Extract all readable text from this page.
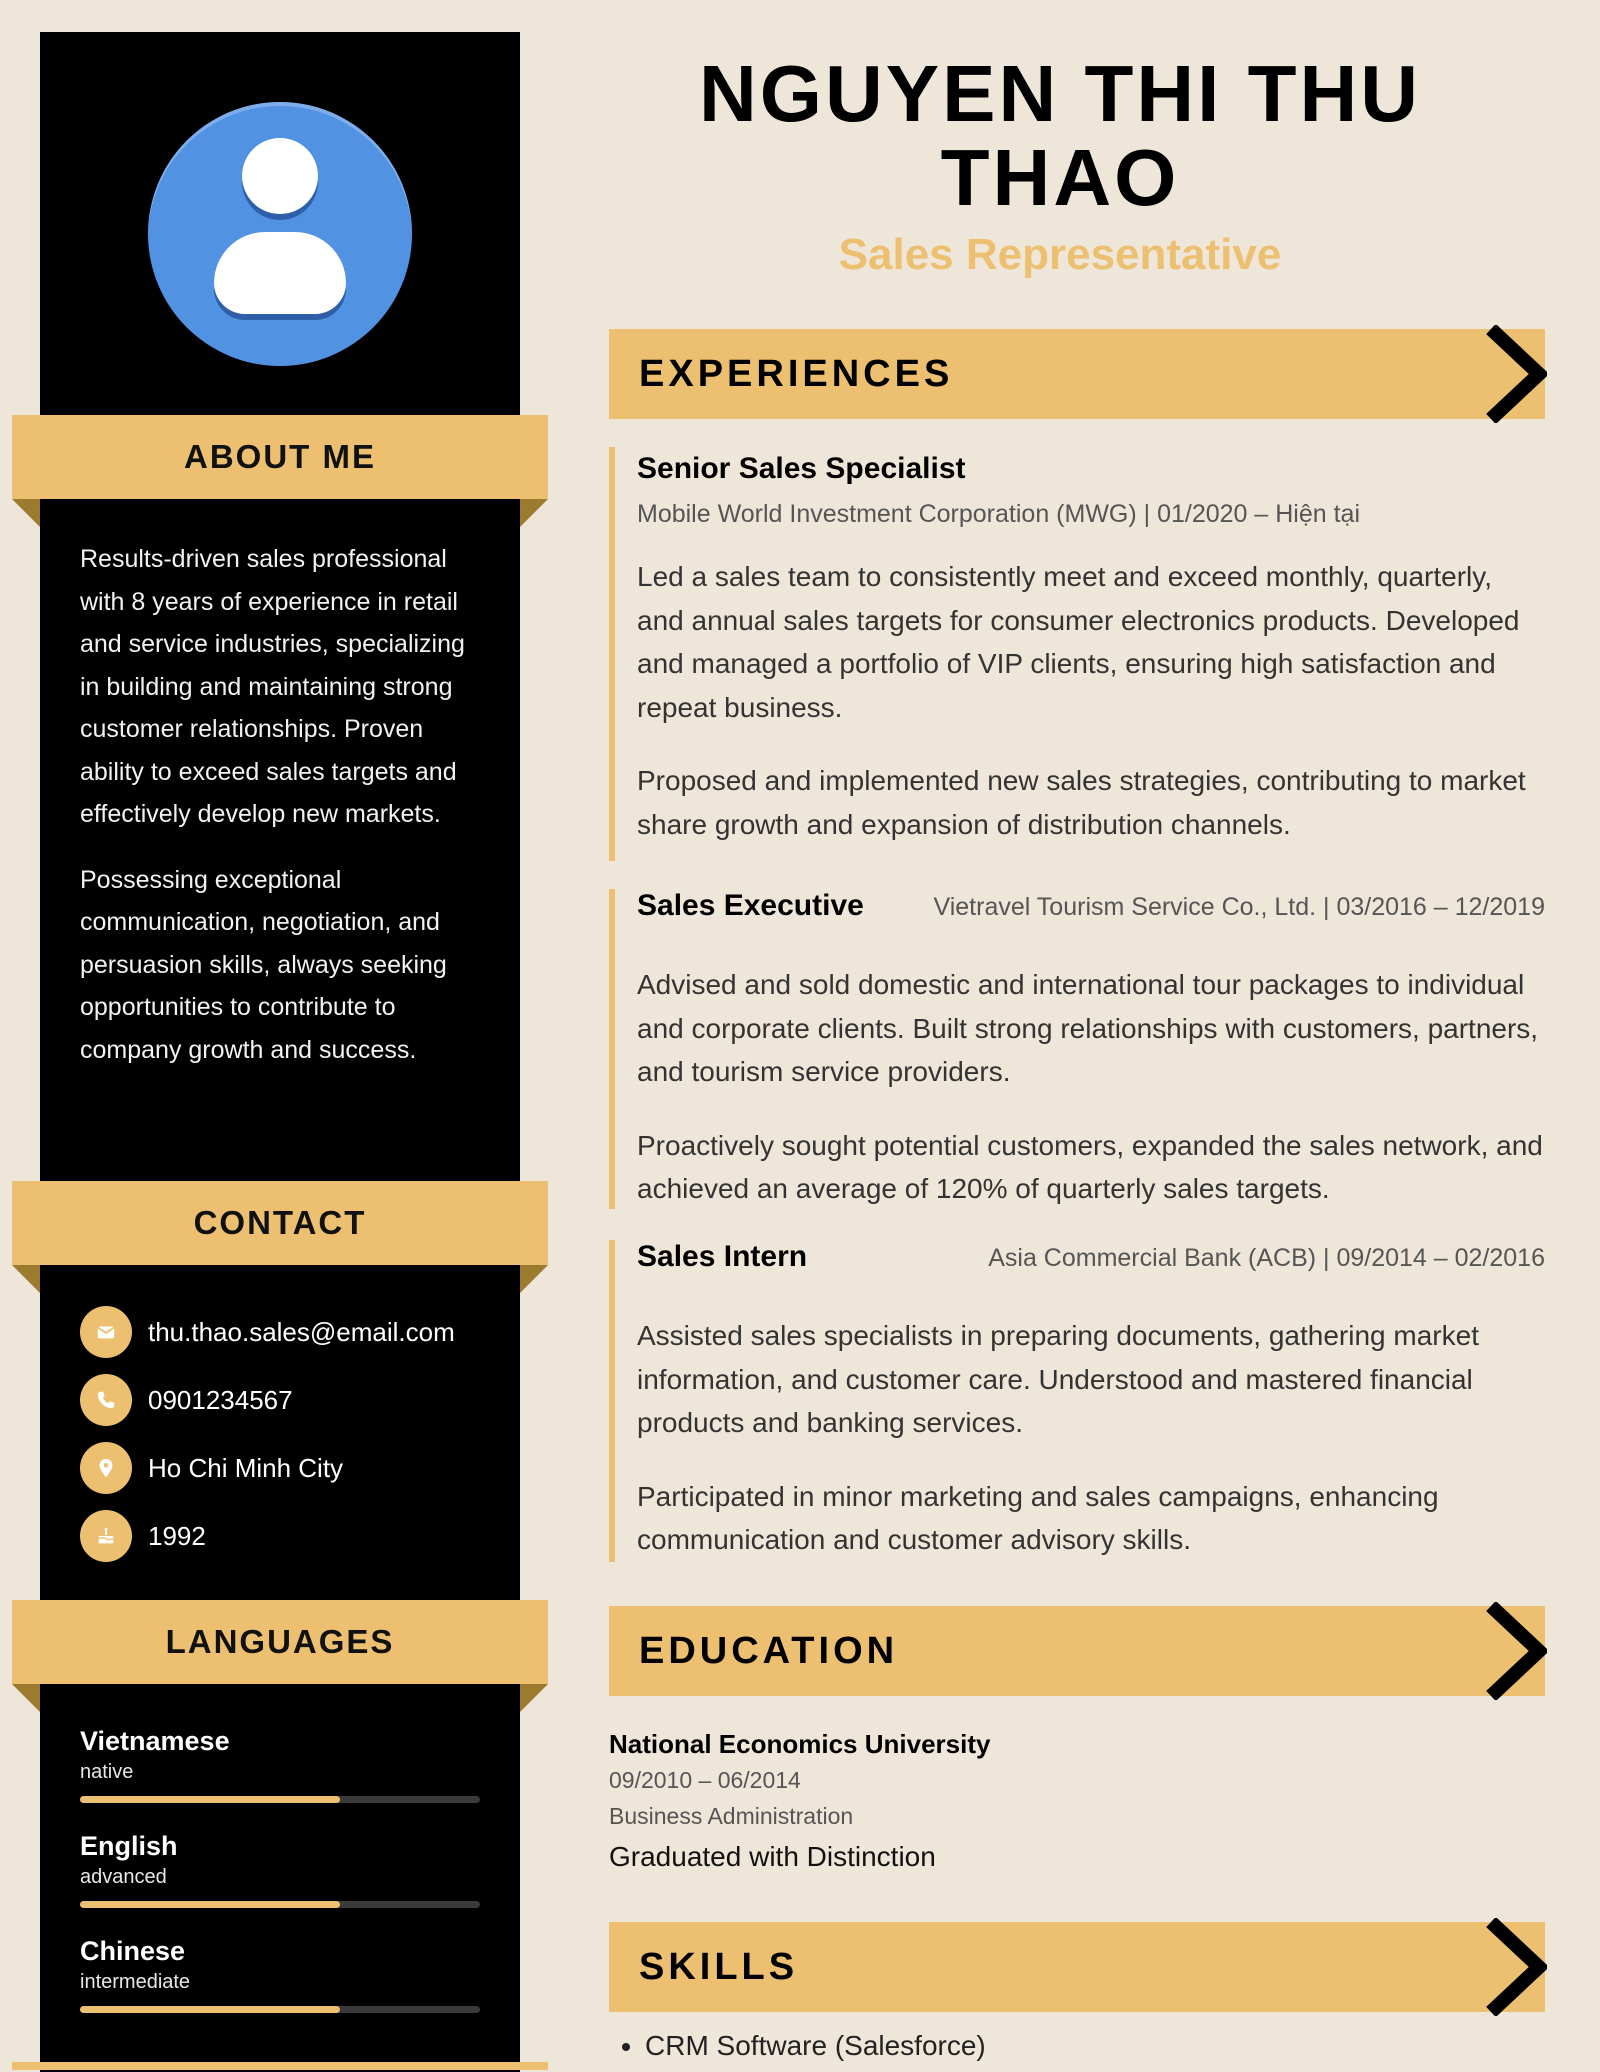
ABOUT ME

Results-driven sales professional with 8 years of experience in retail and service industries, specializing in building and maintaining strong customer relationships. Proven ability to exceed sales targets and effectively develop new markets.

Possessing exceptional communication, negotiation, and persuasion skills, always seeking opportunities to contribute to company growth and success.

CONTACT
thu.thao.sales@email.com
0901234567
Ho Chi Minh City
1992
LANGUAGES
Vietnamese
native
English
advanced
Chinese
intermediate
NGUYEN THI THU
THAO
Sales Representative
EXPERIENCES
Senior Sales Specialist
Mobile World Investment Corporation (MWG) | 01/2020 – Hiện tại

Led a sales team to consistently meet and exceed monthly, quarterly, and annual sales targets for consumer electronics products. Developed and managed a portfolio of VIP clients, ensuring high satisfaction and repeat business.

Proposed and implemented new sales strategies, contributing to market share growth and expansion of distribution channels.

Sales Executive	Vietravel Tourism Service Co., Ltd. | 03/2016 – 12/2019

Advised and sold domestic and international tour packages to individual and corporate clients. Built strong relationships with customers, partners, and tourism service providers.

Proactively sought potential customers, expanded the sales network, and achieved an average of 120% of quarterly sales targets.

Sales Intern	Asia Commercial Bank (ACB) | 09/2014 – 02/2016

Assisted sales specialists in preparing documents, gathering market information, and customer care. Understood and mastered financial products and banking services.

Participated in minor marketing and sales campaigns, enhancing communication and customer advisory skills.

EDUCATION
National Economics University
09/2010 – 06/2014
Business Administration
Graduated with Distinction
SKILLS
• CRM Software (Salesforce)
